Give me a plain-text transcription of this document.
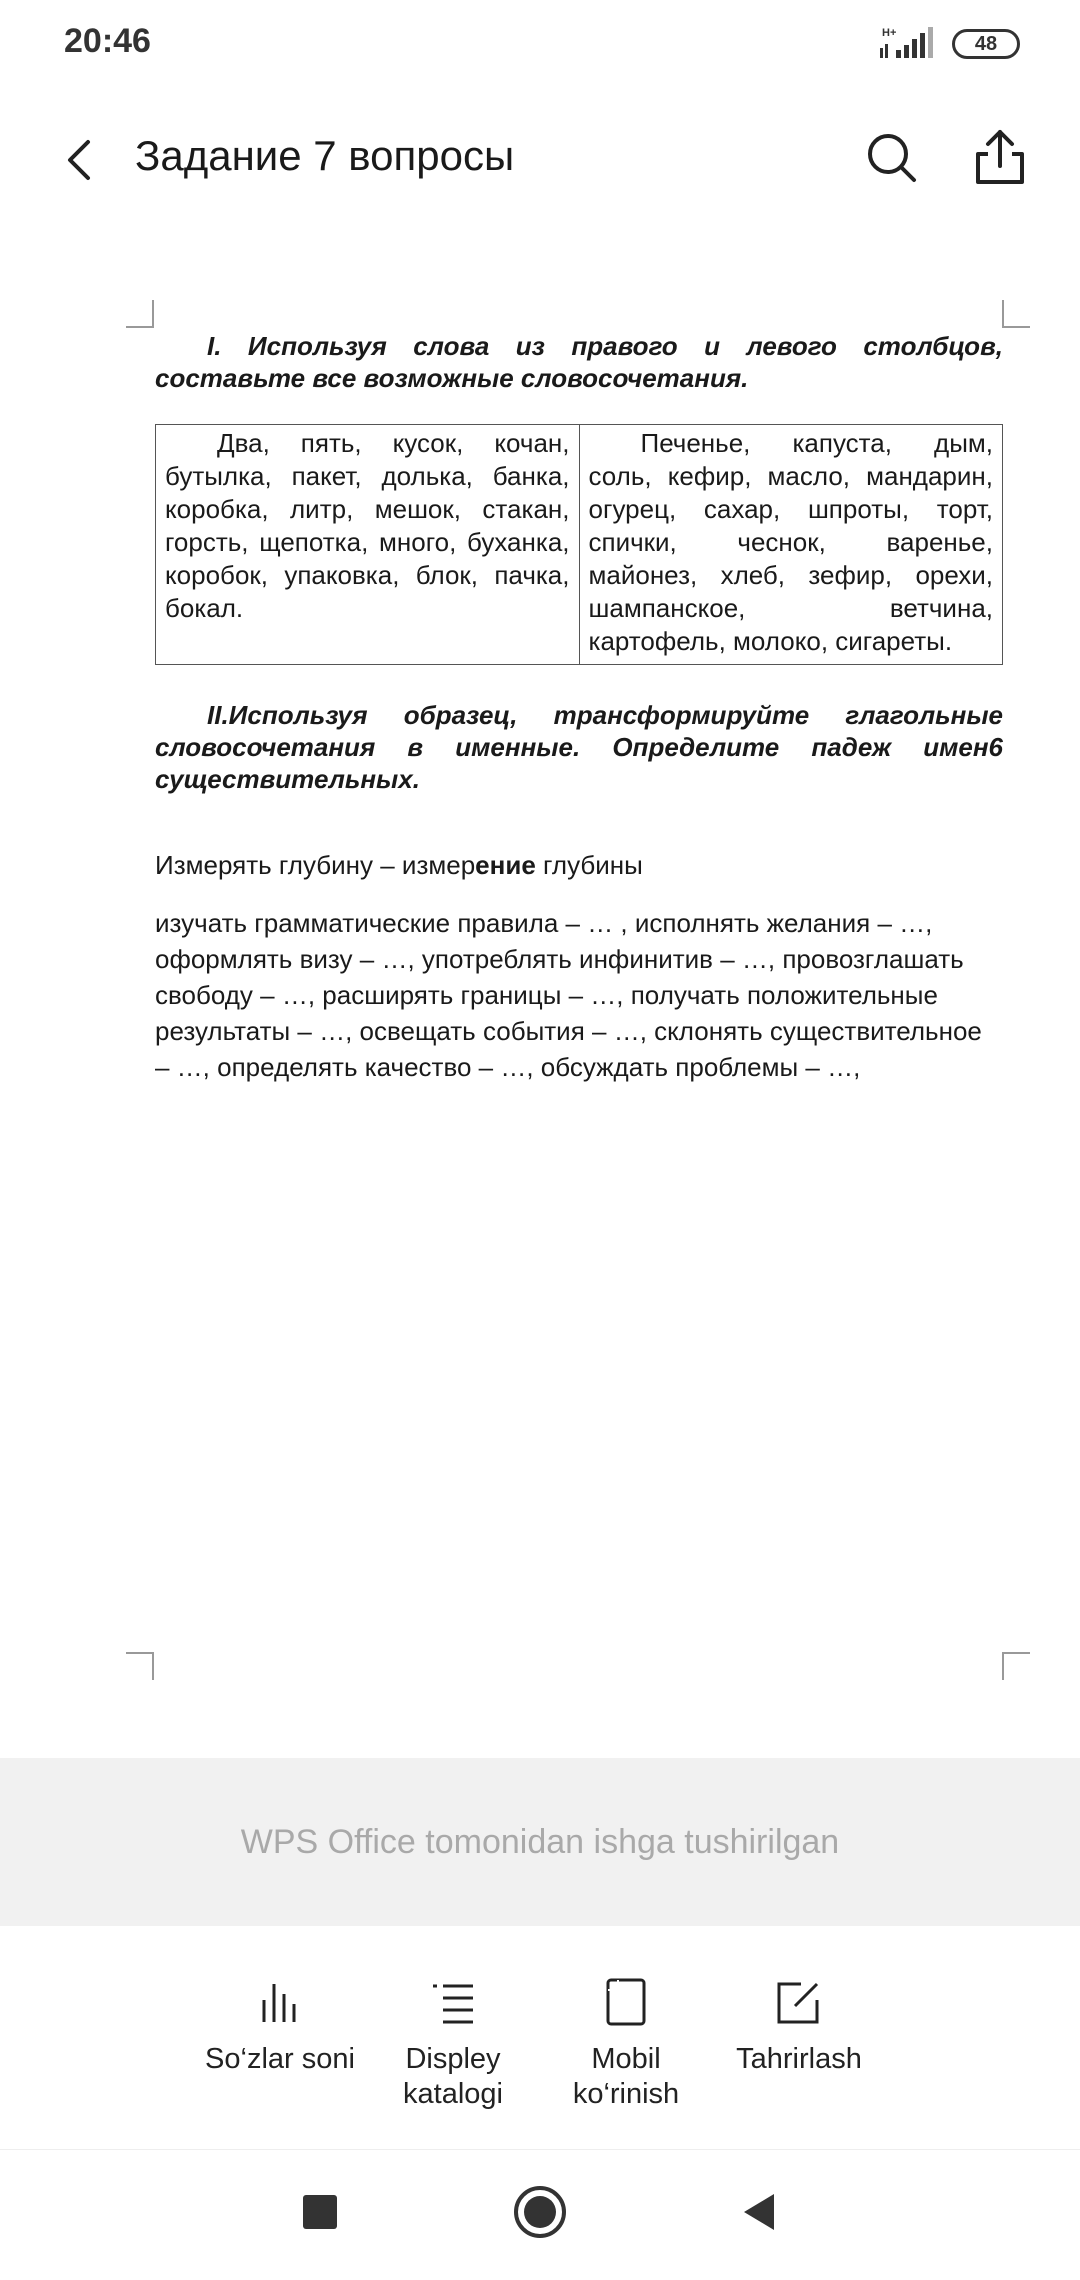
20:46	H+	48
Задание 7 вопросы

I. Используя слова из правого и левого столбцов, составьте все возможные словосочетания.

Два, пять, кусок, кочан, бутылка, пакет, долька, банка, коробка, литр, мешок, стакан, горсть, щепотка, много, буханка, коробок, упаковка, блок, пачка, бокал.	Печенье, капуста, дым, соль, кефир, масло, мандарин, огурец, сахар, шпроты, торт, спички, чеснок, варенье, майонез, хлеб, зефир, орехи, шампанское, ветчина, картофель, молоко, сигареты.

II.Используя образец, трансформируйте глагольные словосочетания в именные. Определите падеж имен6 существительных.

Измерять глубину – измерение глубины

изучать грамматические правила – … , исполнять желания – …, оформлять визу – …, употреблять инфинитив – …, провозглашать свободу – …, расширять границы – …, получать положительные результаты – …, освещать события – …, склонять существительное – …, определять качество – …, обсуждать проблемы – …,

WPS Office tomonidan ishga tushirilgan
So‘zlar soni	Displey
katalogi
Mobil
ko‘rinish
Tahrirlash
